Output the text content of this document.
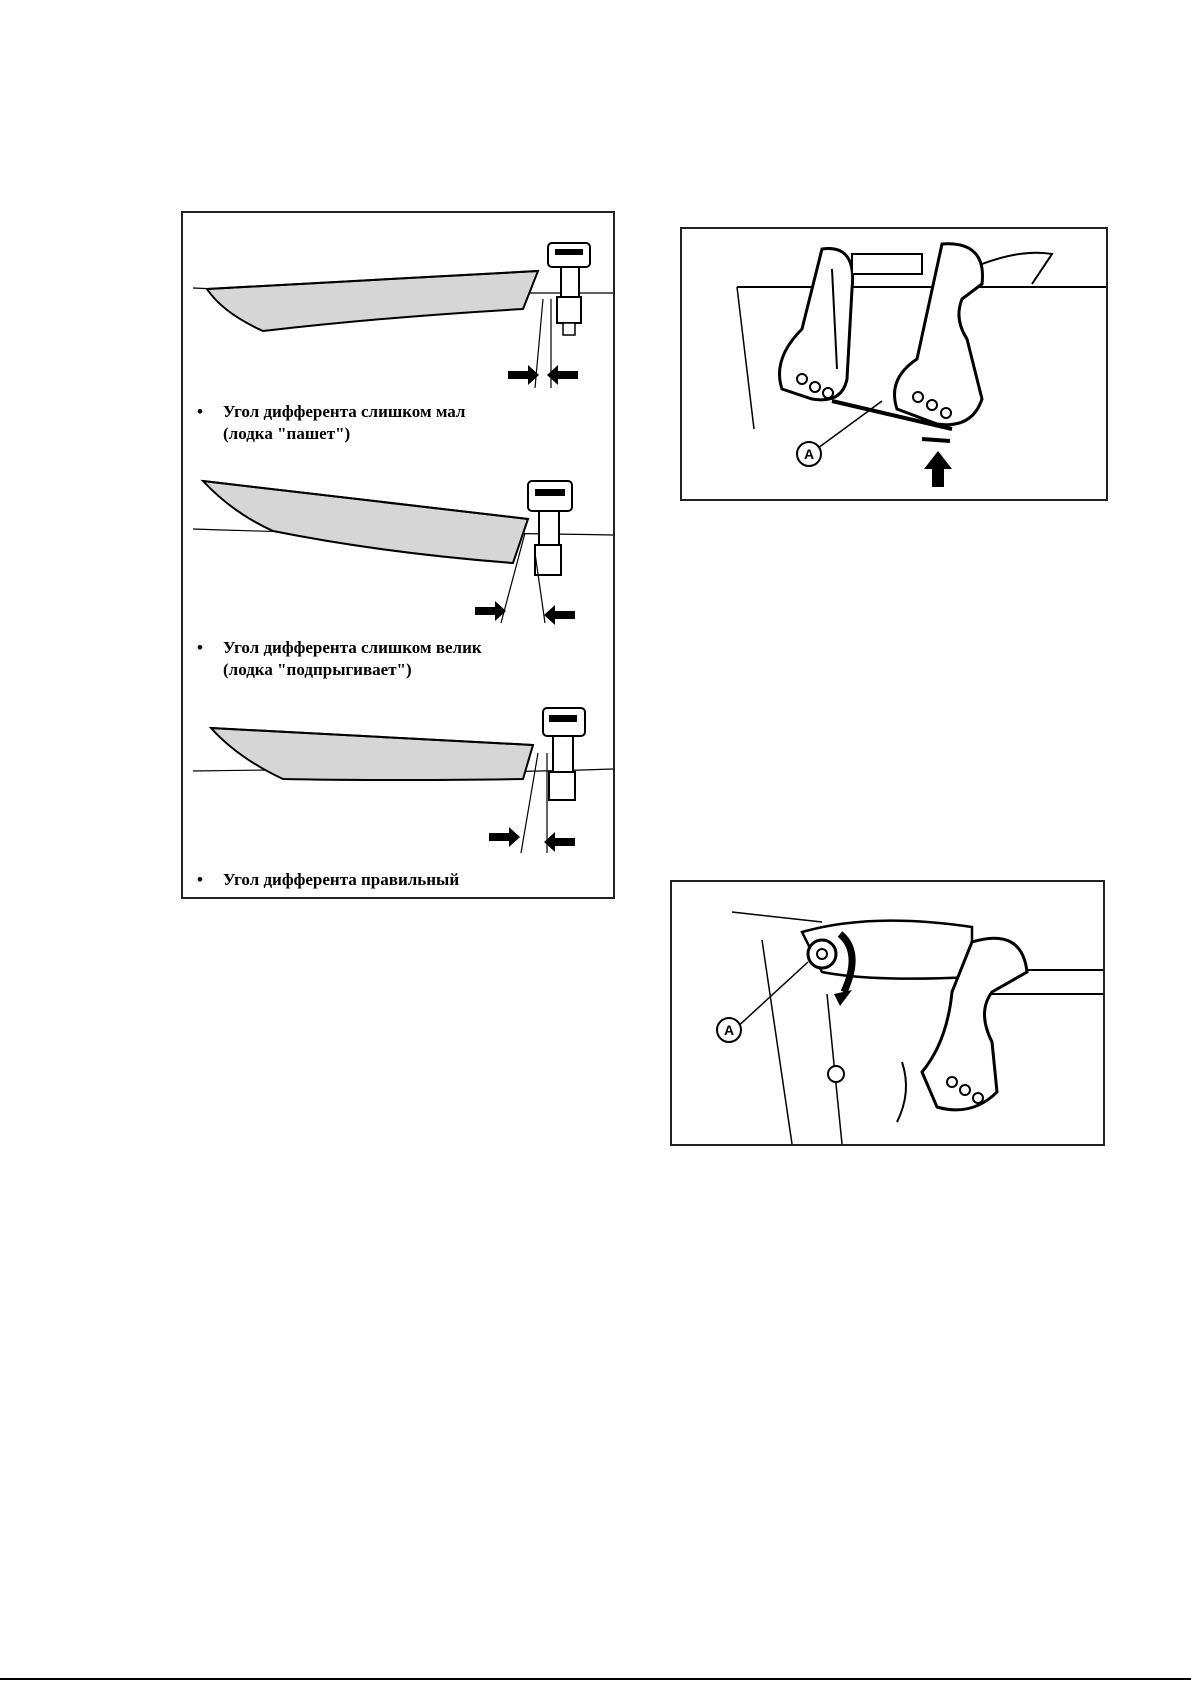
•	Угол дифферента слишком мал
(лодка "пашет")
•	Угол дифферента слишком велик
(лодка "подпрыгивает")
•	Угол дифферента правильный
A
A
